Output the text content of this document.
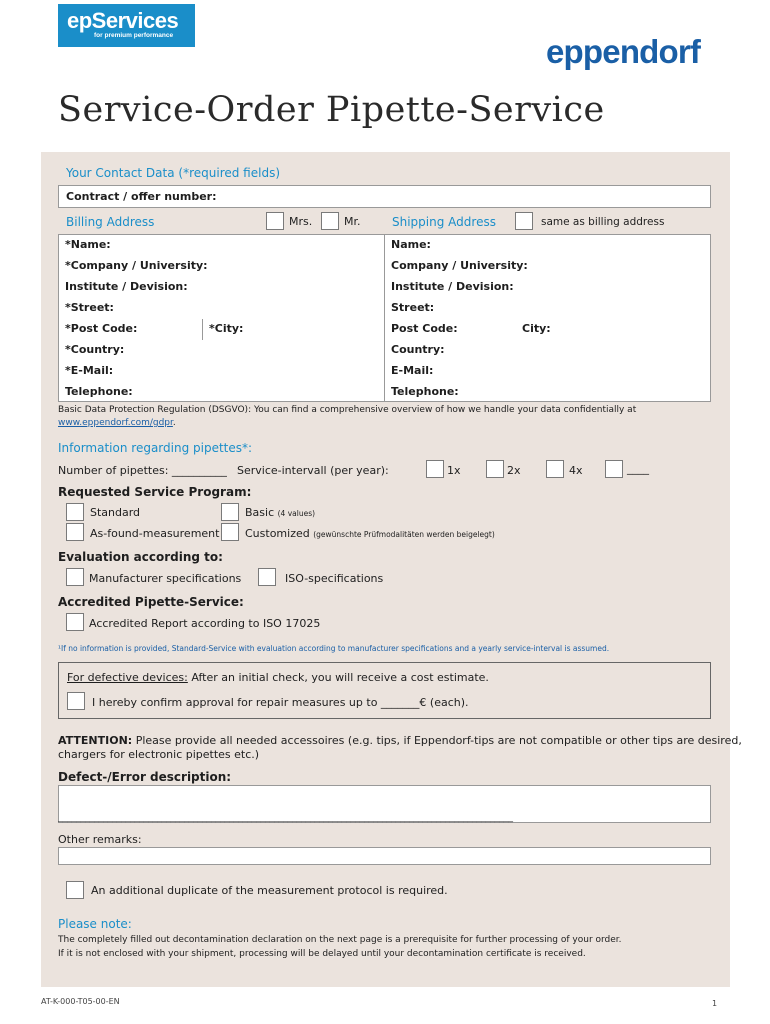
epServices
for premium performance	eppendorf
Service-Order Pipette-Service
Your Contact Data (*required fields)
Contract / offer number:
Billing Address	Mrs.	Mr.	Shipping Address	same as billing address
*Name:	Name:
*Company / University:	Company / University:
Institute / Devision:	Institute / Devision:
*Street:	Street:
*Post Code:	*City:	Post Code:	City:
*Country:	Country:
*E-Mail:	E-Mail:
Telephone:	Telephone:
Basic Data Protection Regulation (DSGVO): You can find a comprehensive overview of how we handle your data confidentially at
www.eppendorf.com/gdpr.
Information regarding pipettes*:
Number of pipettes: __________ Service-intervall (per year):	1x	2x	4x	____
Requested Service Program:
Standard	Basic (4 values)
As-found-measurement Customized (gewünschte Prüfmodalitäten werden beigelegt)
Evaluation according to:
Manufacturer specifications	ISO-specifications
Accredited Pipette-Service:
Accredited Report according to ISO 17025
¹If no information is provided, Standard-Service with evaluation according to manufacturer specifications and a yearly service-interval is assumed.
For defective devices: After an initial check, you will receive a cost estimate.
I hereby confirm approval for repair measures up to _______€ (each).
ATTENTION: Please provide all needed accessoires (e.g. tips, if Eppendorf-tips are not compatible or other tips are desired,
chargers for electronic pipettes etc.)
Defect-/Error description:
_____________________________________________________________________________________________________
Other remarks:
An additional duplicate of the measurement protocol is required.
Please note:
The completely filled out decontamination declaration on the next page is a prerequisite for further processing of your order.
If it is not enclosed with your shipment, processing will be delayed until your decontamination certificate is received.
AT-K-000-T05-00-EN	1
